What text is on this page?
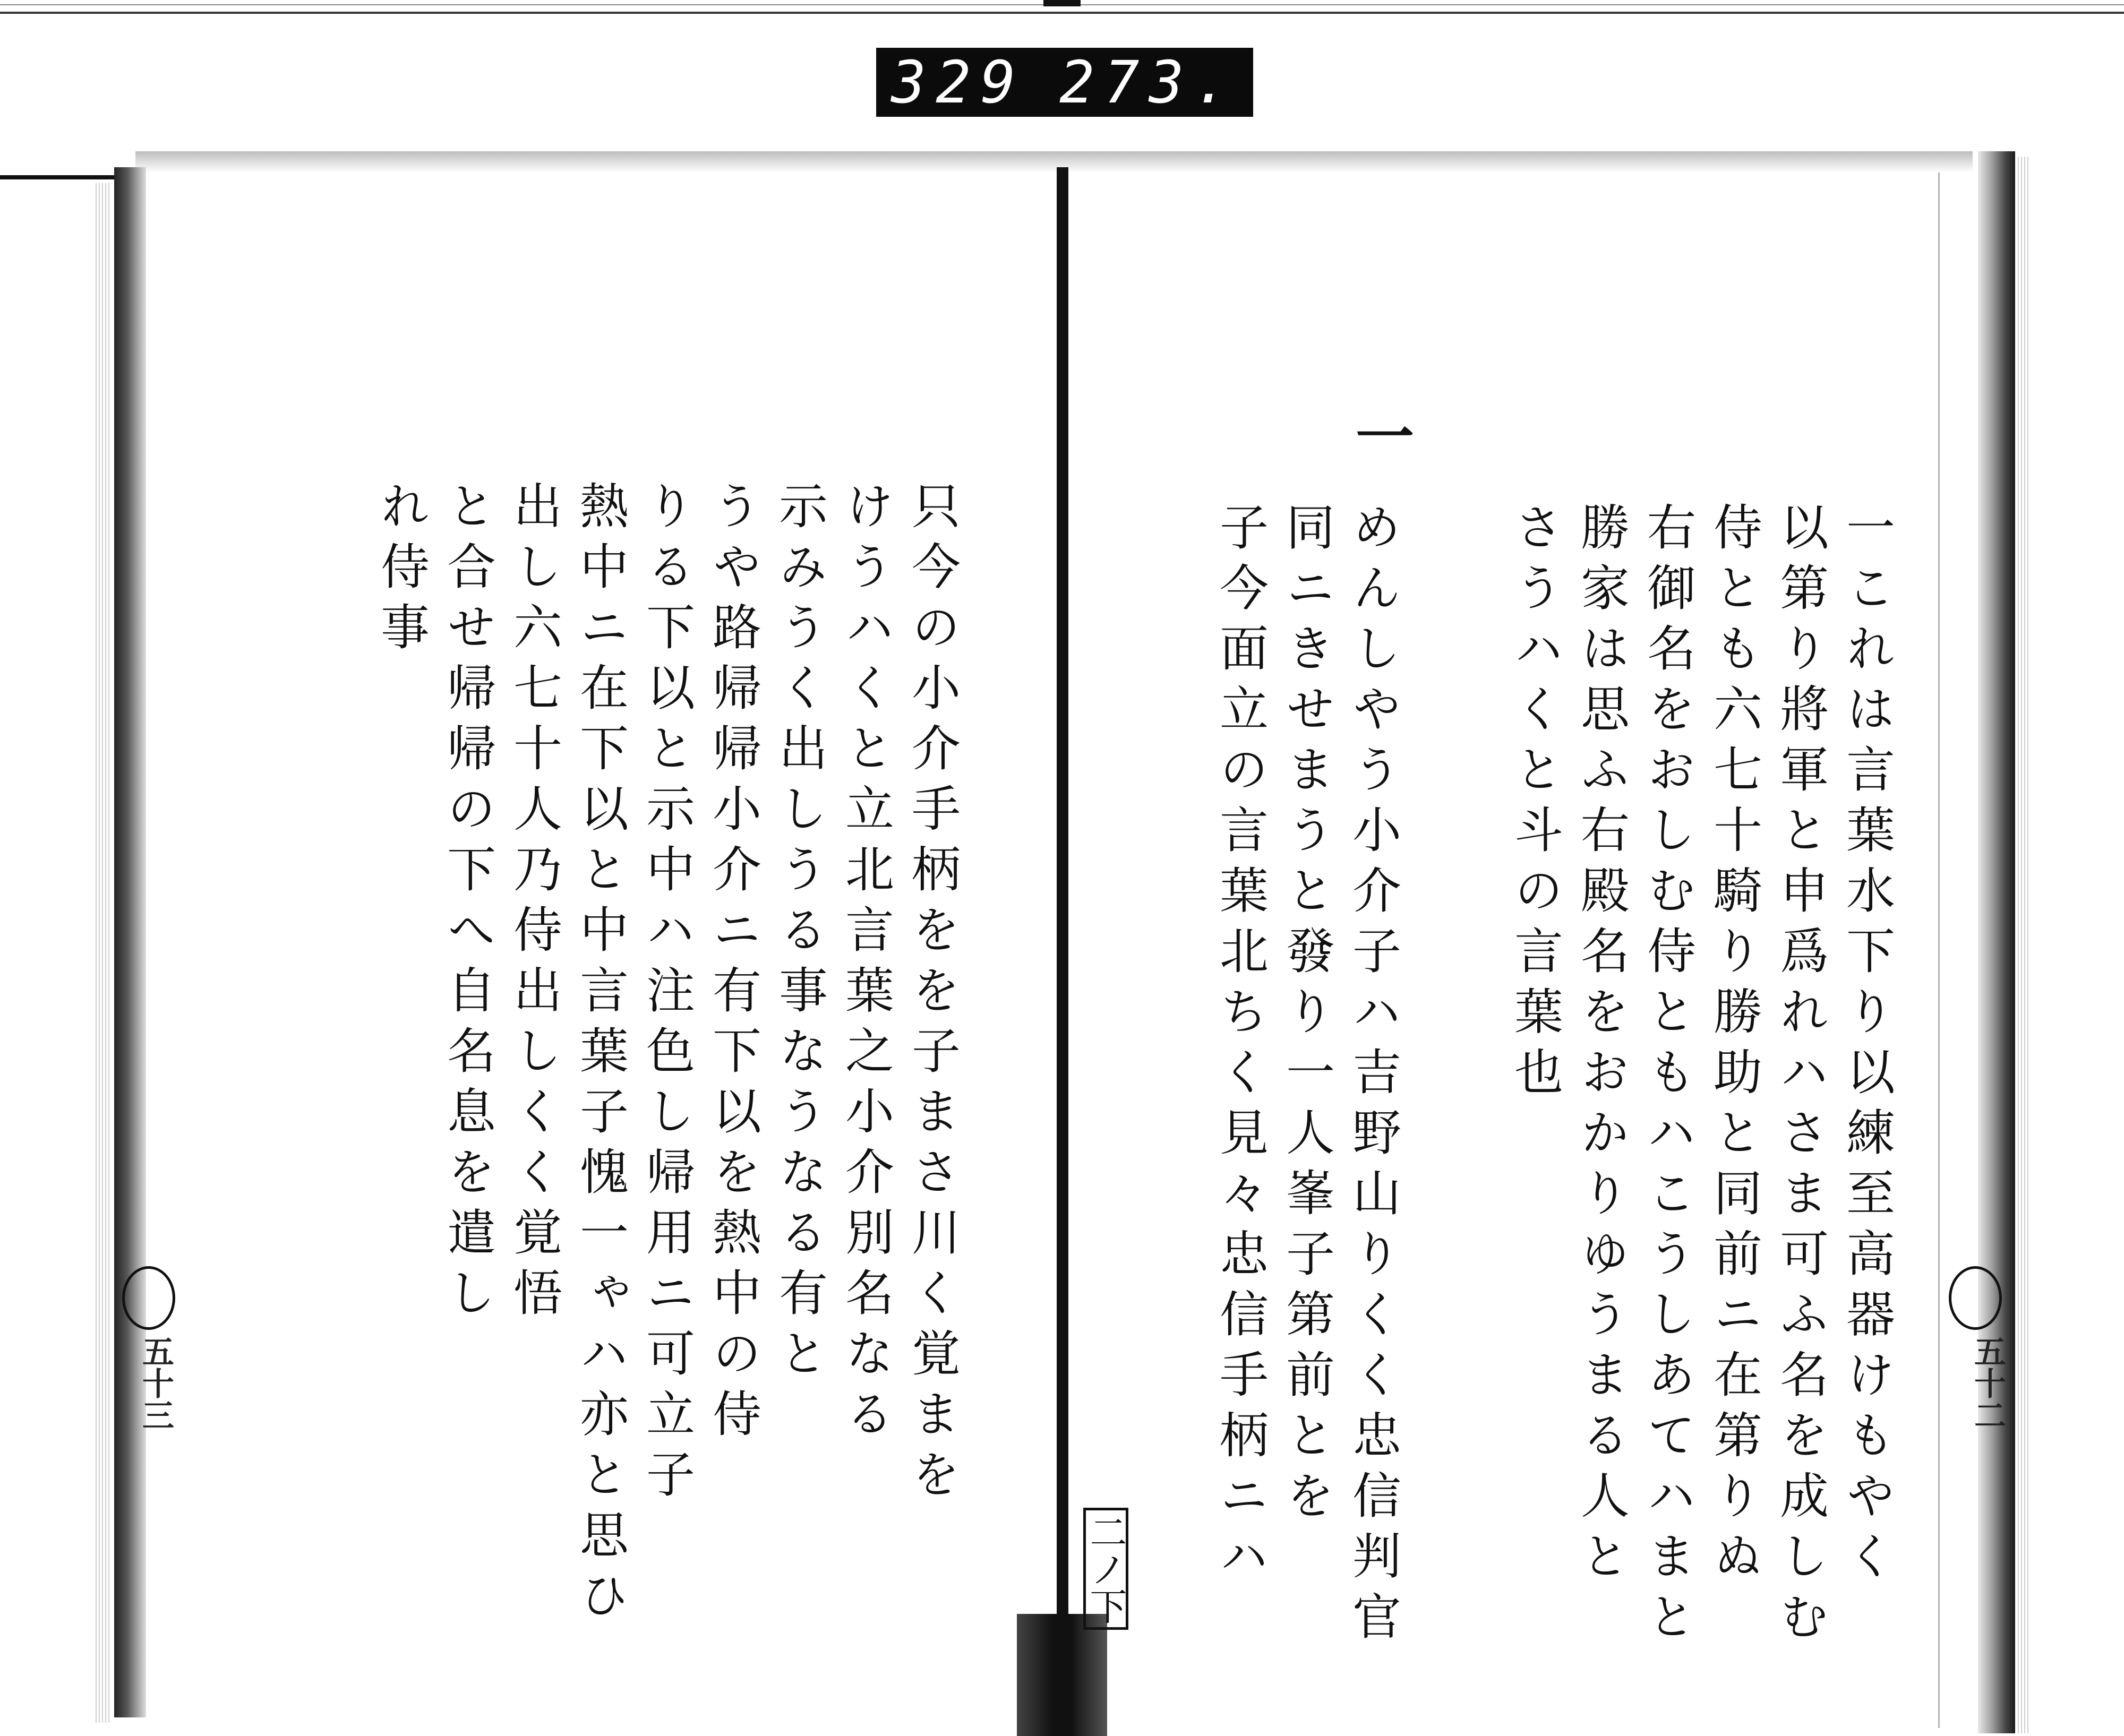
329 273.
一これは言葉水下り以練至高器けもやく
以第り將軍と申爲れハさま可ふ名を成しむ
侍とも六七十騎り勝助と同前ニ在第りぬ
右御名をおしむ侍ともハこうしあてハまと
勝家は思ふ右殿名をおかりゆうまる人と
さうハくと斗の言葉也
一
めんしやう小介子ハ吉野山りくく忠信判官
同ニきせまうと發り一人峯子第前とを
子今面立の言葉北ちく見々忠信手柄ニハ
二ノ下
五十二
只今の小介手柄をを子まさ川く覚まを
けうハくと立北言葉之小介別名なる
示みうく出しうる事なうなる有と
うや路帰帰小介ニ有下以を熱中の侍
りる下以と示中ハ注色し帰用ニ可立子
熱中ニ在下以と中言葉子愧一ゃハ亦と思ひ
出し六七十人乃侍出しくく覚悟
と合せ帰帰の下へ自名息を遣し
れ侍事
五十三
